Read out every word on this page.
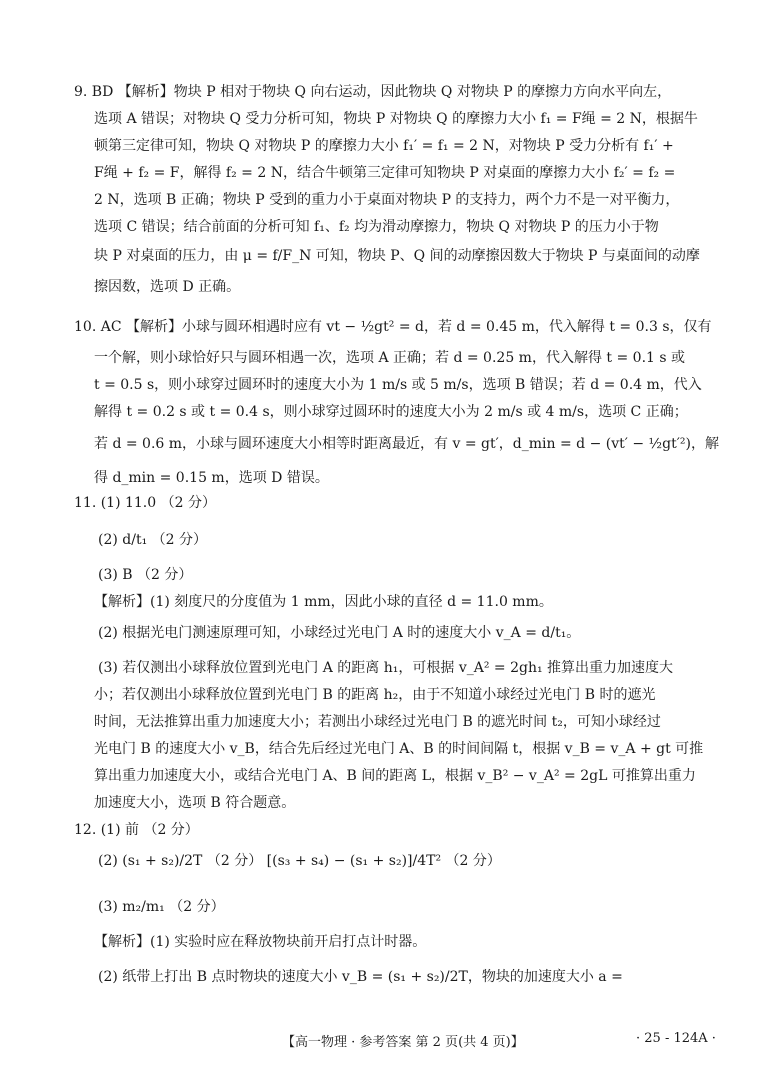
9. BD 【解析】物块 P 相对于物块 Q 向右运动，因此物块 Q 对物块 P 的摩擦力方向水平向左，
选项 A 错误；对物块 Q 受力分析可知，物块 P 对物块 Q 的摩擦力大小 f₁ = F绳 = 2 N，根据牛
顿第三定律可知，物块 Q 对物块 P 的摩擦力大小 f₁′ = f₁ = 2 N，对物块 P 受力分析有 f₁′ +
F绳 + f₂ = F，解得 f₂ = 2 N，结合牛顿第三定律可知物块 P 对桌面的摩擦力大小 f₂′ = f₂ =
2 N，选项 B 正确；物块 P 受到的重力小于桌面对物块 P 的支持力，两个力不是一对平衡力，
选项 C 错误；结合前面的分析可知 f₁、f₂ 均为滑动摩擦力，物块 Q 对物块 P 的压力小于物
块 P 对桌面的压力，由 μ = f/F_N 可知，物块 P、Q 间的动摩擦因数大于物块 P 与桌面间的动摩
擦因数，选项 D 正确。
10. AC 【解析】小球与圆环相遇时应有 vt − ½gt² = d，若 d = 0.45 m，代入解得 t = 0.3 s，仅有
一个解，则小球恰好只与圆环相遇一次，选项 A 正确；若 d = 0.25 m，代入解得 t = 0.1 s 或
t = 0.5 s，则小球穿过圆环时的速度大小为 1 m/s 或 5 m/s，选项 B 错误；若 d = 0.4 m，代入
解得 t = 0.2 s 或 t = 0.4 s，则小球穿过圆环时的速度大小为 2 m/s 或 4 m/s，选项 C 正确；
若 d = 0.6 m，小球与圆环速度大小相等时距离最近，有 v = gt′，d_min = d − (vt′ − ½gt′²)，解
得 d_min = 0.15 m，选项 D 错误。
11. (1) 11.0 （2 分）
(2) d/t₁ （2 分）
(3) B （2 分）
【解析】(1) 刻度尺的分度值为 1 mm，因此小球的直径 d = 11.0 mm。
(2) 根据光电门测速原理可知，小球经过光电门 A 时的速度大小 v_A = d/t₁。
(3) 若仅测出小球释放位置到光电门 A 的距离 h₁，可根据 v_A² = 2gh₁ 推算出重力加速度大
小；若仅测出小球释放位置到光电门 B 的距离 h₂，由于不知道小球经过光电门 B 时的遮光
时间，无法推算出重力加速度大小；若测出小球经过光电门 B 的遮光时间 t₂，可知小球经过
光电门 B 的速度大小 v_B，结合先后经过光电门 A、B 的时间间隔 t，根据 v_B = v_A + gt 可推
算出重力加速度大小，或结合光电门 A、B 间的距离 L，根据 v_B² − v_A² = 2gL 可推算出重力
加速度大小，选项 B 符合题意。
12. (1) 前 （2 分）
(2) (s₁ + s₂)/2T （2 分） [(s₃ + s₄) − (s₁ + s₂)]/4T² （2 分）
(3) m₂/m₁ （2 分）
【解析】(1) 实验时应在释放物块前开启打点计时器。
(2) 纸带上打出 B 点时物块的速度大小 v_B = (s₁ + s₂)/2T，物块的加速度大小 a =
【高一物理 · 参考答案 第 2 页(共 4 页)】	· 25 - 124A ·
